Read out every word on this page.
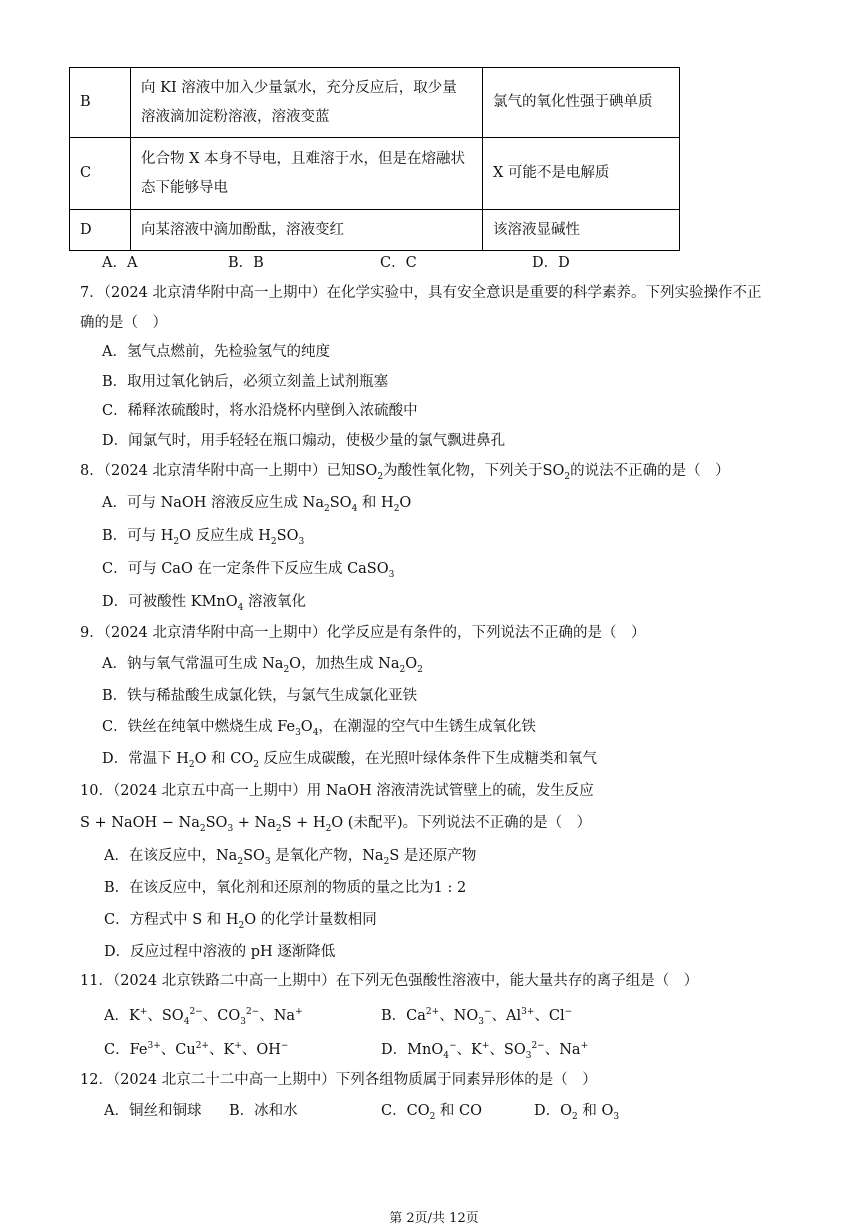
B	向 KI 溶液中加入少量氯水，充分反应后，取少量
溶液滴加淀粉溶液，溶液变蓝	氯气的氧化性强于碘单质
C	化合物 X 本身不导电，且难溶于水，但是在熔融状
态下能够导电	X 可能不是电解质
D	向某溶液中滴加酚酞，溶液变红	该溶液显碱性
A．A	B．B	C．C	D．D
7．（2024 北京清华附中高一上期中）在化学实验中，具有安全意识是重要的科学素养。下列实验操作不正
确的是（　）
A．氢气点燃前，先检验氢气的纯度
B．取用过氧化钠后，必须立刻盖上试剂瓶塞
C．稀释浓硫酸时，将水沿烧杯内壁倒入浓硫酸中
D．闻氯气时，用手轻轻在瓶口煽动，使极少量的氯气飘进鼻孔
8．（2024 北京清华附中高一上期中）已知$SO_2$为酸性氧化物，下列关于$SO_2$的说法不正确的是（　）
A．可与 NaOH 溶液反应生成 $Na_2SO_4$ 和 $H_2O$
B．可与 $H_2O$ 反应生成 $H_2SO_3$
C．可与 CaO 在一定条件下反应生成 CaSO$_3$
D．可被酸性 KMnO$_4$ 溶液氧化
9．（2024 北京清华附中高一上期中）化学反应是有条件的，下列说法不正确的是（　）
A．钠与氧气常温可生成 $Na_2O$，加热生成 $Na_2O_2$
B．铁与稀盐酸生成氯化铁，与氯气生成氯化亚铁
C．铁丝在纯氧中燃烧生成 $Fe_3O_4$，在潮湿的空气中生锈生成氧化铁
D．常温下 $H_2O$ 和 $CO_2$ 反应生成碳酸，在光照叶绿体条件下生成糖类和氧气
10．（2024 北京五中高一上期中）用 NaOH 溶液清洗试管壁上的硫，发生反应
S + NaOH − $Na_2SO_3 + Na_2S + H_2O$ (未配平)。下列说法不正确的是（　）
A．在该反应中，$Na_2SO_3$ 是氧化产物，$Na_2S$ 是还原产物
B．在该反应中，氧化剂和还原剂的物质的量之比为1 : 2
C．方程式中 S 和 $H_2O$ 的化学计量数相同
D．反应过程中溶液的 pH 逐渐降低
11．（2024 北京铁路二中高一上期中）在下列无色强酸性溶液中，能大量共存的离子组是（　）
A．K+、$SO_4^{2-}$、$CO_3^{2-}$、Na+	B．$Ca^{2+}$、$NO_3^-$、$Al^{3+}$、Cl−
C．$Fe^{3+}$、$Cu^{2+}$、K+、OH−	D．MnO$_4$−、K+、$SO_3^{2-}$、Na+
12．（2024 北京二十二中高一上期中）下列各组物质属于同素异形体的是（　）
A．铜丝和铜球 B．冰和水	C．$CO_2$ 和 CO	D．$O_2$ 和 $O_3$
第 2页/共 12页
